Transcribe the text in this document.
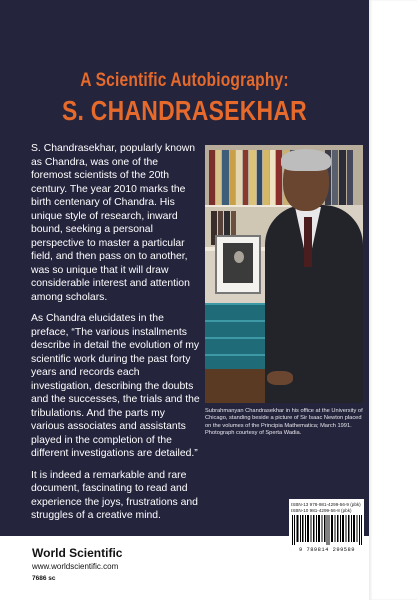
A Scientific Autobiography:
S. CHANDRASEKHAR

S. Chandrasekhar, popularly known as Chandra, was one of the foremost scientists of the 20th century. The year 2010 marks the birth centenary of Chandra. His unique style of research, inward bound, seeking a personal perspective to master a particular field, and then pass on to another, was so unique that it will draw considerable interest and attention among scholars.

As Chandra elucidates in the preface, “The various installments describe in detail the evolution of my scientific work during the past forty years and records each investigation, describing the doubts and the successes, the trials and the tribulations. And the parts my various associates and assistants played in the completion of the different investigations are detailed.”

It is indeed a remarkable and rare document, fascinating to read and experience the joys, frustrations and struggles of a creative mind.

Subrahmanyan Chandrasekhar in his office at the University of Chicago, standing beside a picture of Sir Isaac Newton placed on the volumes of the Principia Mathematica; March 1991. Photograph courtesy of Sperta Wadia.
ISBN-13 978-981-4299-56-9 (pbk)
ISBN-10 981-4299-56-8 (pbk)
9 789814 299589
World Scientific
www.worldscientific.com
7686 sc
